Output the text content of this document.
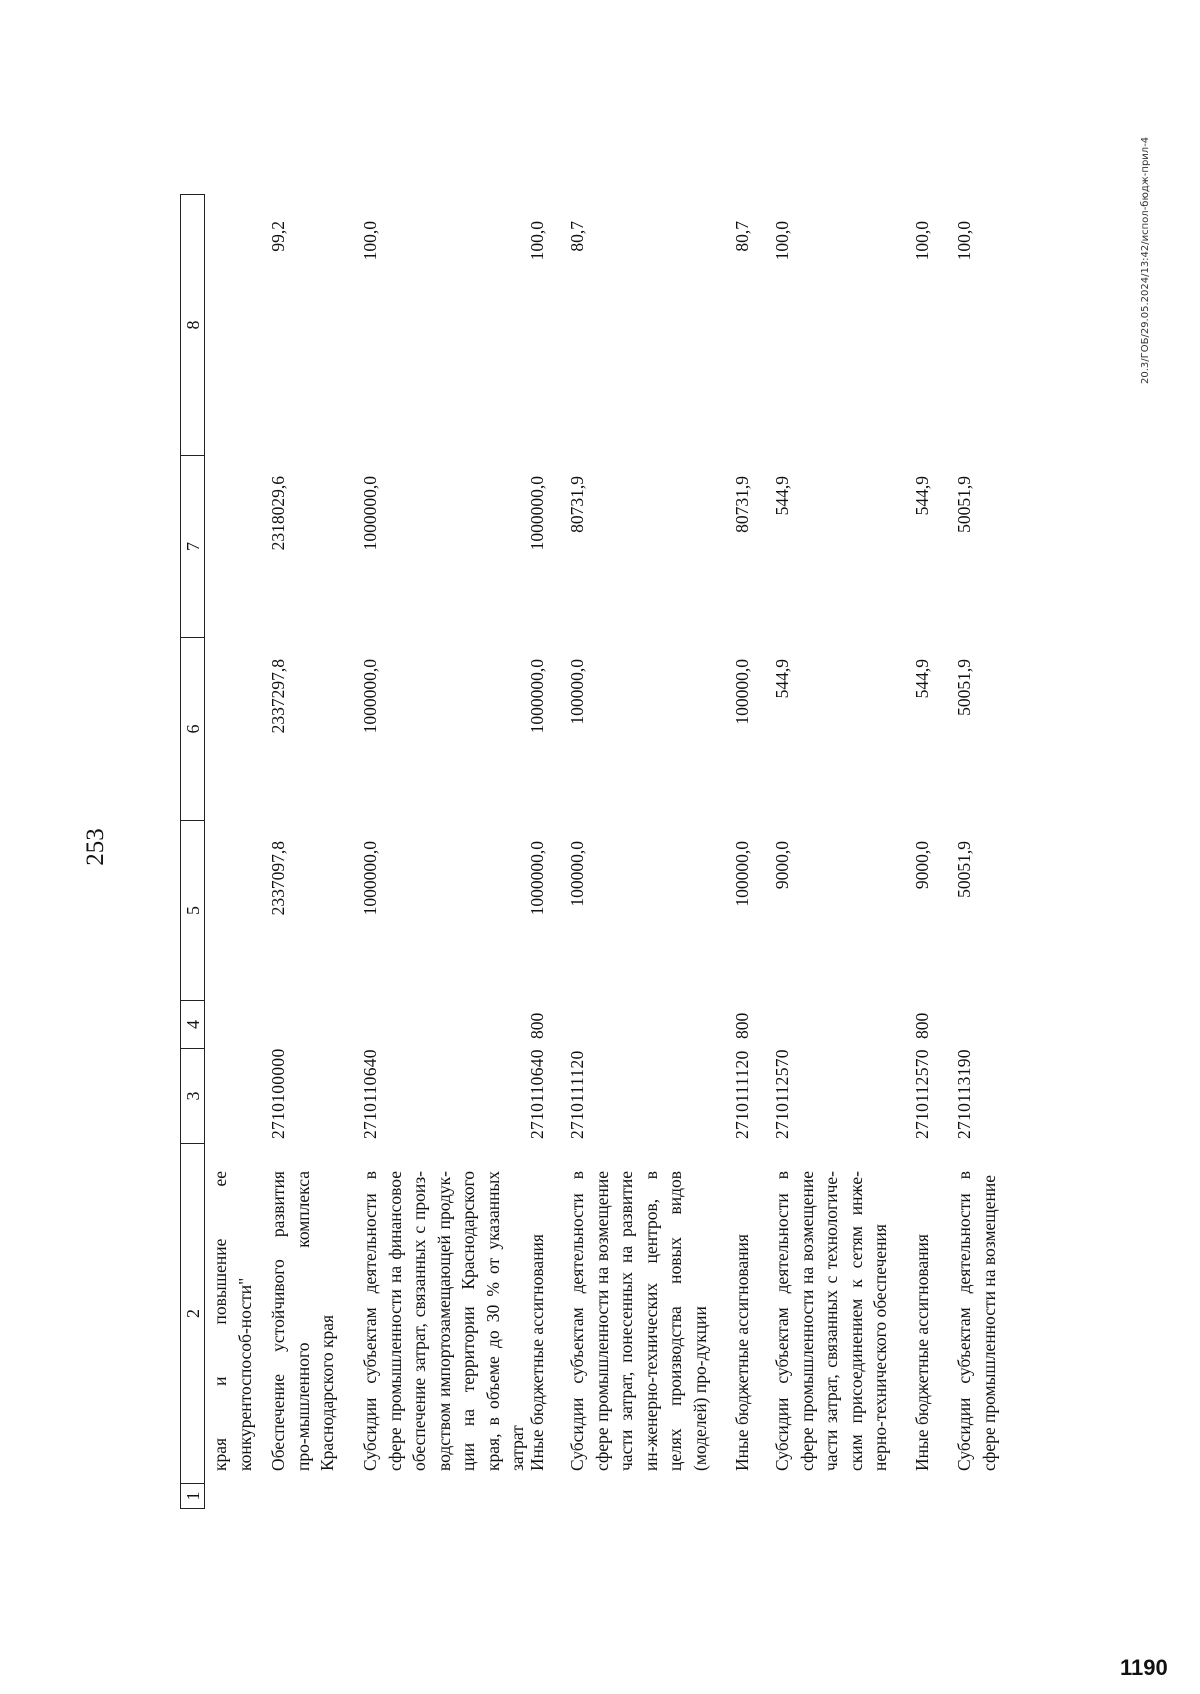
253
1
2
3
4
5
6
7
8
края и повышение ее конкурентоспособ-ности" Обеспечение устойчивого развития про-мышленного комплекса Краснодарского края
2710100000
2337097,8
2337297,8
2318029,6
99,2
Субсидии субъектам деятельности в сфере промышленности на финансовое обеспечение затрат, связанных с произ-водством импортозамещающей продук-ции на территории Краснодарского края, в объеме до 30 % от указанных затрат
2710110640
1000000,0
1000000,0
1000000,0
100,0
Иные бюджетные ассигнования
2710110640
800
1000000,0
1000000,0
1000000,0
100,0
Субсидии субъектам деятельности в сфере промышленности на возмещение части затрат, понесенных на развитие ин-женерно-технических центров, в целях производства новых видов (моделей) про-дукции
2710111120
100000,0
100000,0
80731,9
80,7
Иные бюджетные ассигнования
2710111120
800
100000,0
100000,0
80731,9
80,7
Субсидии субъектам деятельности в сфере промышленности на возмещение части затрат, связанных с технологиче-ским присоединением к сетям инже-нерно-технического обеспечения
2710112570
9000,0
544,9
544,9
100,0
Иные бюджетные ассигнования
2710112570
800
9000,0
544,9
544,9
100,0
Субсидии субъектам деятельности в сфере промышленности на возмещение
2710113190
50051,9
50051,9
50051,9
100,0	20.3/ГОБ/29.05.2024/13:42/испол-бюдж-прил-4
1190
